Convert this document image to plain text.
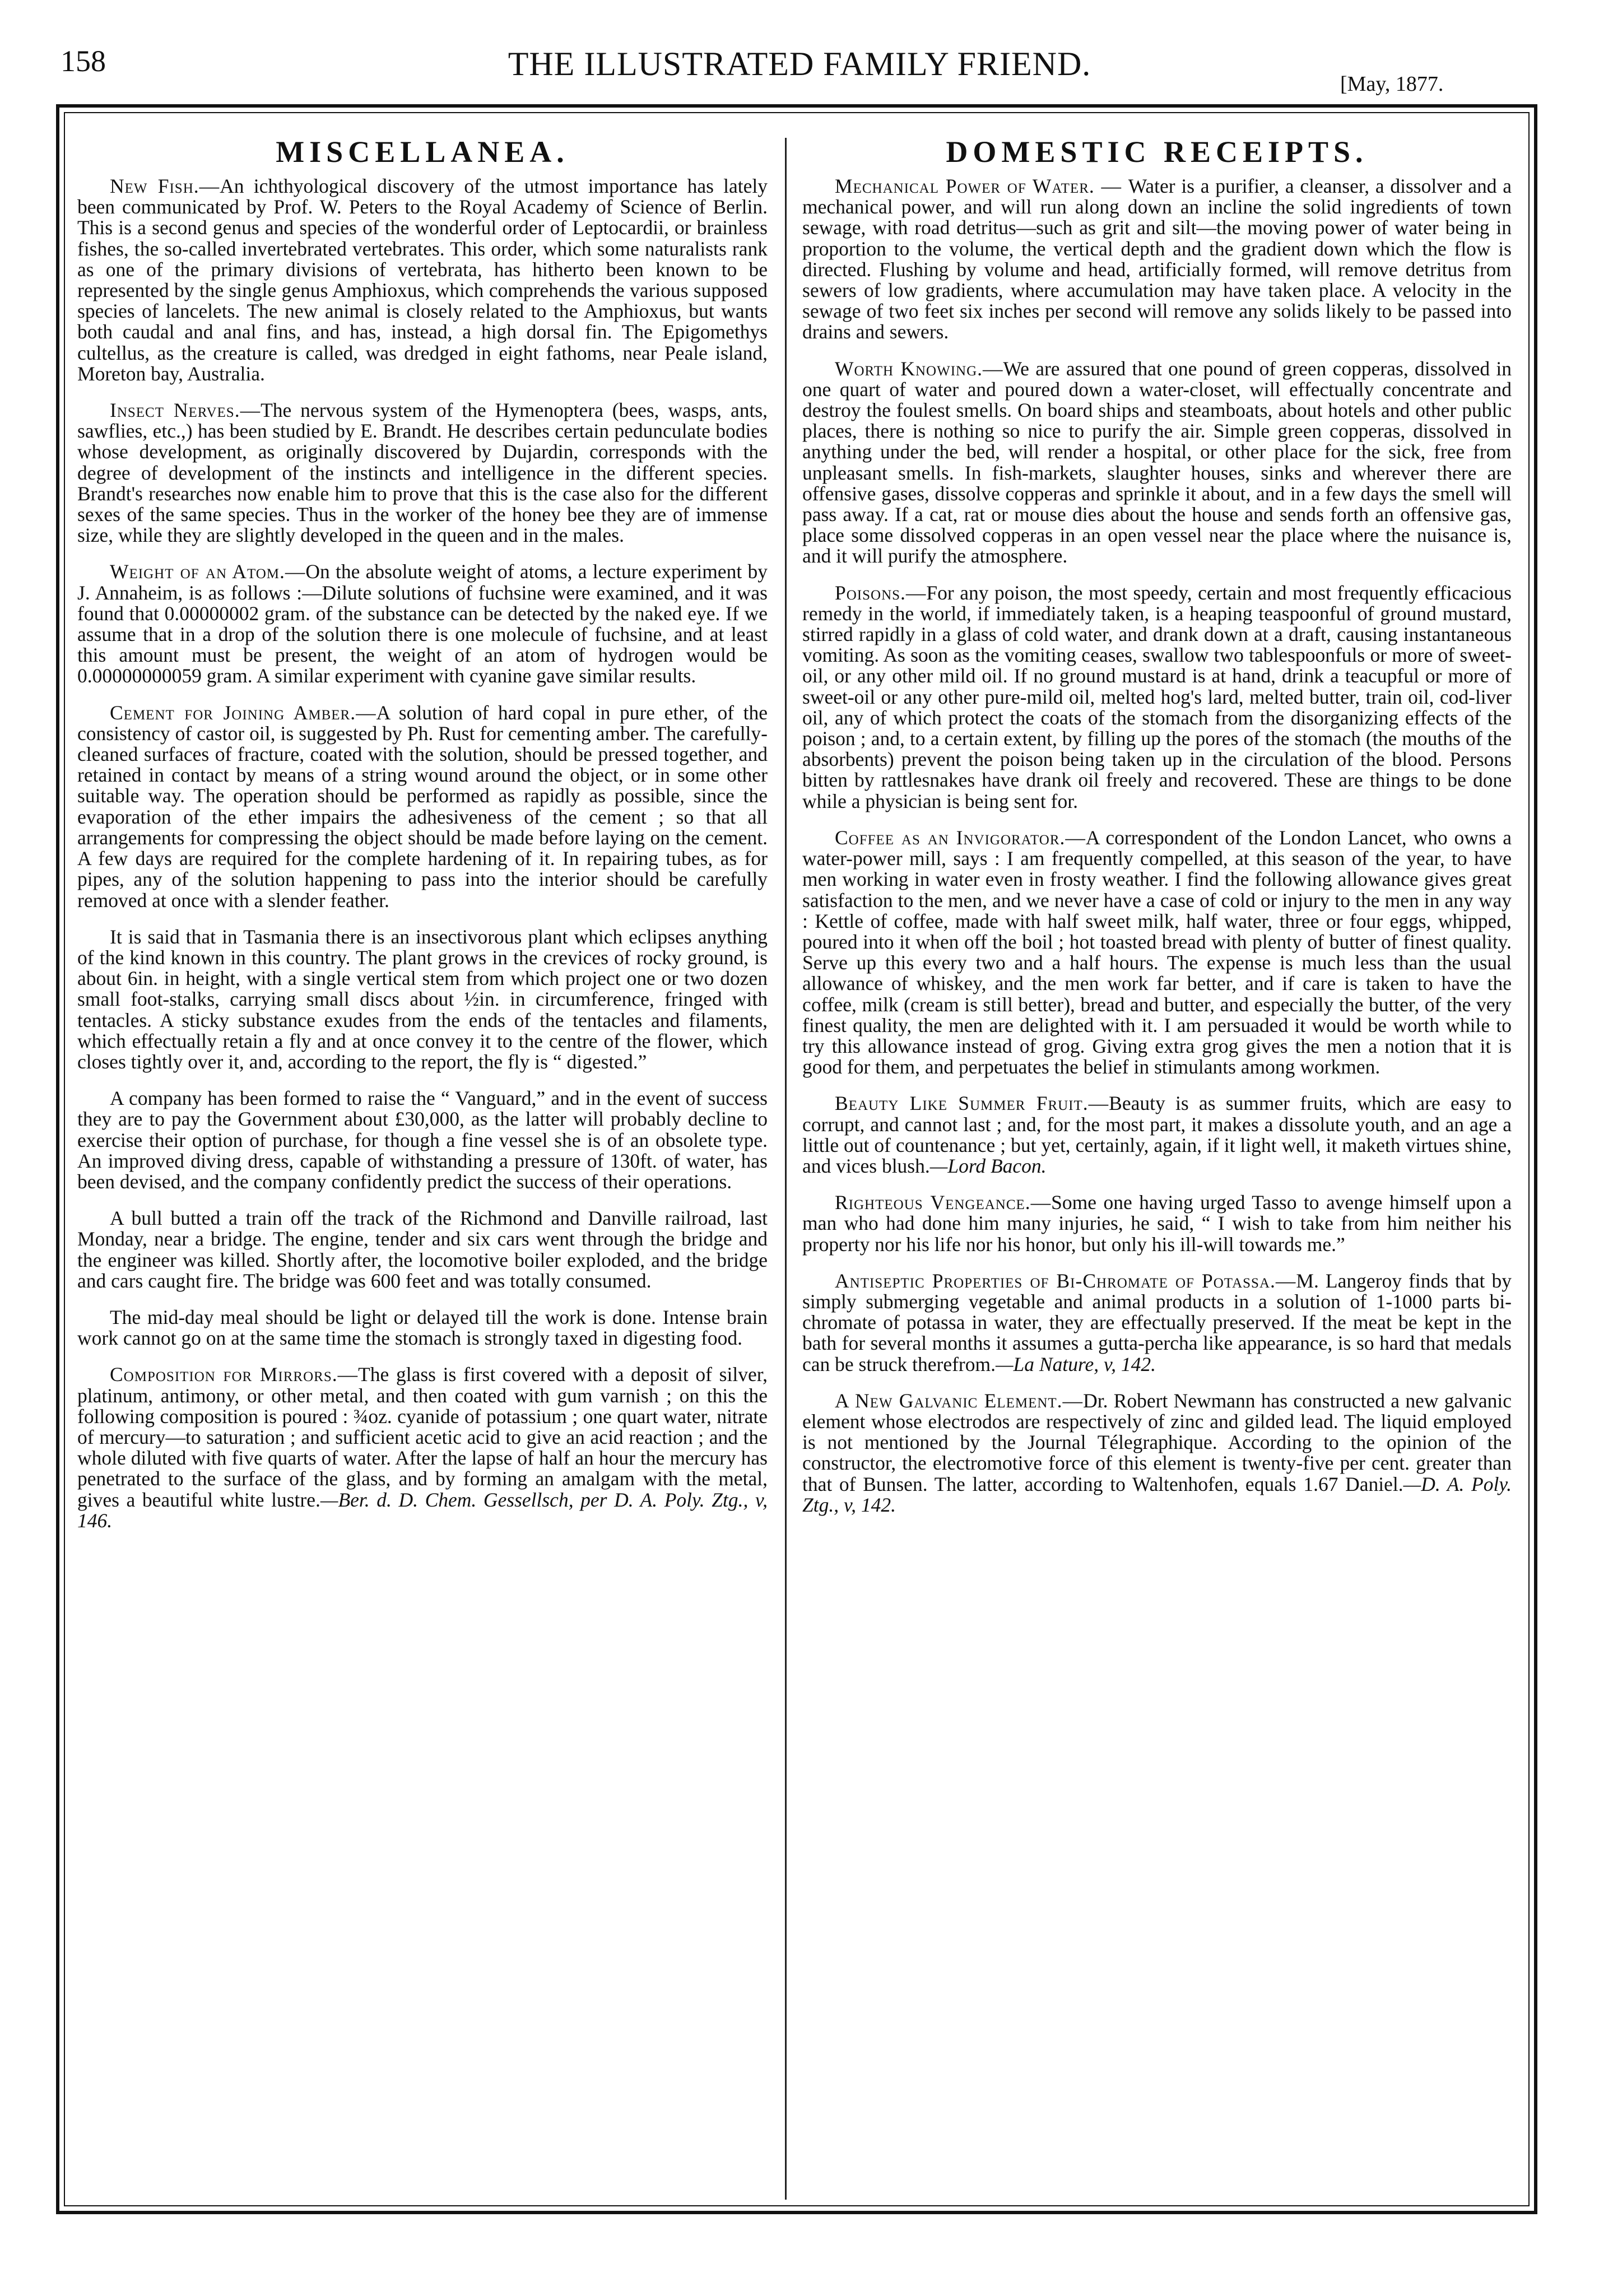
158	THE ILLUSTRATED FAMILY FRIEND.
[May, 1877.
MISCELLANEA.

New Fish.—An ichthyological discovery of the utmost importance has lately been communicated by Prof. W. Peters to the Royal Academy of Science of Berlin. This is a second genus and species of the wonderful order of Leptocardii, or brainless fishes, the so-called invertebrated vertebrates. This order, which some naturalists rank as one of the primary divisions of vertebrata, has hitherto been known to be represented by the single genus Amphioxus, which comprehends the various supposed species of lancelets. The new animal is closely related to the Amphioxus, but wants both caudal and anal fins, and has, instead, a high dorsal fin. The Epigomethys cultellus, as the creature is called, was dredged in eight fathoms, near Peale island, Moreton bay, Australia.

Insect Nerves.—The nervous system of the Hymenoptera (bees, wasps, ants, sawflies, etc.,) has been studied by E. Brandt. He describes certain pedunculate bodies whose development, as originally discovered by Dujardin, corresponds with the degree of development of the instincts and intelligence in the different species. Brandt's researches now enable him to prove that this is the case also for the different sexes of the same species. Thus in the worker of the honey bee they are of immense size, while they are slightly developed in the queen and in the males.

Weight of an Atom.—On the absolute weight of atoms, a lecture experiment by J. Annaheim, is as follows :—Dilute solutions of fuchsine were examined, and it was found that 0.00000002 gram. of the substance can be detected by the naked eye. If we assume that in a drop of the solution there is one molecule of fuchsine, and at least this amount must be present, the weight of an atom of hydrogen would be 0.00000000059 gram. A similar experiment with cyanine gave similar results.

Cement for Joining Amber.—A solution of hard copal in pure ether, of the consistency of castor oil, is suggested by Ph. Rust for cementing amber. The carefully-cleaned surfaces of fracture, coated with the solution, should be pressed together, and retained in contact by means of a string wound around the object, or in some other suitable way. The operation should be performed as rapidly as possible, since the evaporation of the ether impairs the adhesiveness of the cement ; so that all arrangements for compressing the object should be made before laying on the cement. A few days are required for the complete hardening of it. In repairing tubes, as for pipes, any of the solution happening to pass into the interior should be carefully removed at once with a slender feather.

It is said that in Tasmania there is an insectivorous plant which eclipses anything of the kind known in this country. The plant grows in the crevices of rocky ground, is about 6in. in height, with a single vertical stem from which project one or two dozen small foot-stalks, carrying small discs about ½in. in circumference, fringed with tentacles. A sticky substance exudes from the ends of the tentacles and filaments, which effectually retain a fly and at once convey it to the centre of the flower, which closes tightly over it, and, according to the report, the fly is “ digested.”

A company has been formed to raise the “ Vanguard,” and in the event of success they are to pay the Government about £30,000, as the latter will probably decline to exercise their option of purchase, for though a fine vessel she is of an obsolete type. An improved diving dress, capable of withstanding a pressure of 130ft. of water, has been devised, and the company confidently predict the success of their operations.

A bull butted a train off the track of the Richmond and Danville railroad, last Monday, near a bridge. The engine, tender and six cars went through the bridge and the engineer was killed. Shortly after, the locomotive boiler exploded, and the bridge and cars caught fire. The bridge was 600 feet and was totally consumed.

The mid-day meal should be light or delayed till the work is done. Intense brain work cannot go on at the same time the stomach is strongly taxed in digesting food.

Composition for Mirrors.—The glass is first covered with a deposit of silver, platinum, antimony, or other metal, and then coated with gum varnish ; on this the following composition is poured : ¾oz. cyanide of potassium ; one quart water, nitrate of mercury—to saturation ; and sufficient acetic acid to give an acid reaction ; and the whole diluted with five quarts of water. After the lapse of half an hour the mercury has penetrated to the surface of the glass, and by forming an amalgam with the metal, gives a beautiful white lustre.—Ber. d. D. Chem. Gessellsch, per D. A. Poly. Ztg., v, 146.

DOMESTIC RECEIPTS.

Mechanical Power of Water. — Water is a purifier, a cleanser, a dissolver and a mechanical power, and will run along down an incline the solid ingredients of town sewage, with road detritus—such as grit and silt—the moving power of water being in proportion to the volume, the vertical depth and the gradient down which the flow is directed. Flushing by volume and head, artificially formed, will remove detritus from sewers of low gradients, where accumulation may have taken place. A velocity in the sewage of two feet six inches per second will remove any solids likely to be passed into drains and sewers.

Worth Knowing.—We are assured that one pound of green copperas, dissolved in one quart of water and poured down a water-closet, will effectually concentrate and destroy the foulest smells. On board ships and steamboats, about hotels and other public places, there is nothing so nice to purify the air. Simple green copperas, dissolved in anything under the bed, will render a hospital, or other place for the sick, free from unpleasant smells. In fish-markets, slaughter houses, sinks and wherever there are offensive gases, dissolve copperas and sprinkle it about, and in a few days the smell will pass away. If a cat, rat or mouse dies about the house and sends forth an offensive gas, place some dissolved copperas in an open vessel near the place where the nuisance is, and it will purify the atmosphere.

Poisons.—For any poison, the most speedy, certain and most frequently efficacious remedy in the world, if immediately taken, is a heaping teaspoonful of ground mustard, stirred rapidly in a glass of cold water, and drank down at a draft, causing instantaneous vomiting. As soon as the vomiting ceases, swallow two tablespoonfuls or more of sweet-oil, or any other mild oil. If no ground mustard is at hand, drink a teacupful or more of sweet-oil or any other pure-mild oil, melted hog's lard, melted butter, train oil, cod-liver oil, any of which protect the coats of the stomach from the disorganizing effects of the poison ; and, to a certain extent, by filling up the pores of the stomach (the mouths of the absorbents) prevent the poison being taken up in the circulation of the blood. Persons bitten by rattlesnakes have drank oil freely and recovered. These are things to be done while a physician is being sent for.

Coffee as an Invigorator.—A correspondent of the London Lancet, who owns a water-power mill, says : I am frequently compelled, at this season of the year, to have men working in water even in frosty weather. I find the following allowance gives great satisfaction to the men, and we never have a case of cold or injury to the men in any way : Kettle of coffee, made with half sweet milk, half water, three or four eggs, whipped, poured into it when off the boil ; hot toasted bread with plenty of butter of finest quality. Serve up this every two and a half hours. The expense is much less than the usual allowance of whiskey, and the men work far better, and if care is taken to have the coffee, milk (cream is still better), bread and butter, and especially the butter, of the very finest quality, the men are delighted with it. I am persuaded it would be worth while to try this allowance instead of grog. Giving extra grog gives the men a notion that it is good for them, and perpetuates the belief in stimulants among workmen.

Beauty Like Summer Fruit.—Beauty is as summer fruits, which are easy to corrupt, and cannot last ; and, for the most part, it makes a dissolute youth, and an age a little out of countenance ; but yet, certainly, again, if it light well, it maketh virtues shine, and vices blush.—Lord Bacon.

Righteous Vengeance.—Some one having urged Tasso to avenge himself upon a man who had done him many injuries, he said, “ I wish to take from him neither his property nor his life nor his honor, but only his ill-will towards me.”

Antiseptic Properties of Bi-Chromate of Potassa.—M. Langeroy finds that by simply submerging vegetable and animal products in a solution of 1-1000 parts bi-chromate of potassa in water, they are effectually preserved. If the meat be kept in the bath for several months it assumes a gutta-percha like appearance, is so hard that medals can be struck therefrom.—La Nature, v, 142.

A New Galvanic Element.—Dr. Robert Newmann has constructed a new galvanic element whose electrodos are respectively of zinc and gilded lead. The liquid employed is not mentioned by the Journal Télegraphique. According to the opinion of the constructor, the electromotive force of this element is twenty-five per cent. greater than that of Bunsen. The latter, according to Waltenhofen, equals 1.67 Daniel.—D. A. Poly. Ztg., v, 142.
